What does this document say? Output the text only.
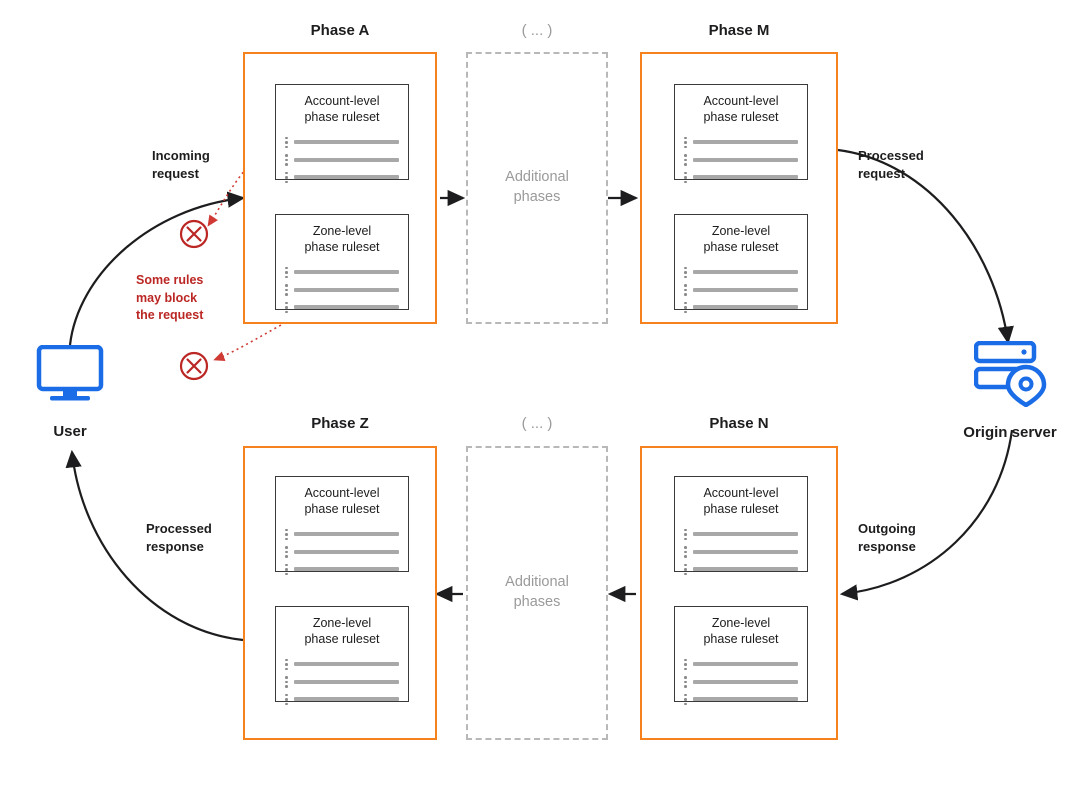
Phase A	( ... )	Phase M
Account-level
phase ruleset
Zone-level
phase ruleset
Additional
phases
Account-level
phase ruleset
Zone-level
phase ruleset
Phase Z	( ... )	Phase N
Account-level
phase ruleset
Zone-level
phase ruleset
Additional
phases
Account-level
phase ruleset
Zone-level
phase ruleset
User	Origin server
Incoming
request
Processed
request
Outgoing
response
Processed
response
Some rules
may block
the request
